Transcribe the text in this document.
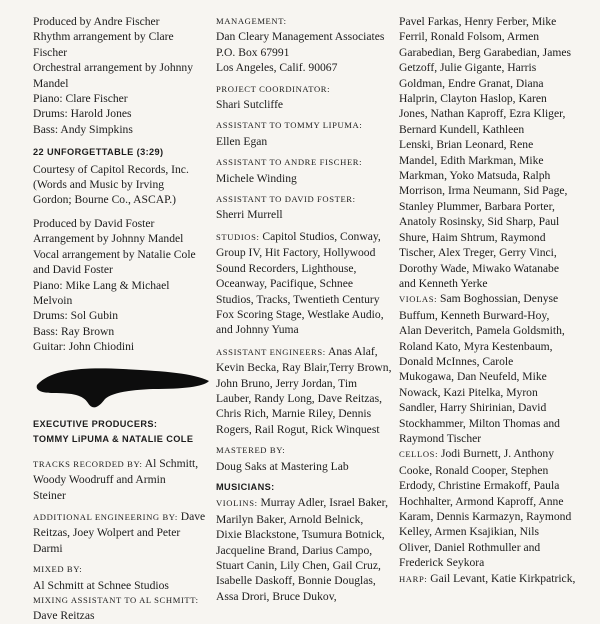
Produced by Andre Fischer

Rhythm arrangement by Clare

Fischer

Orchestral arrangement by Johnny

Mandel

Piano: Clare Fischer

Drums: Harold Jones

Bass: Andy Simpkins

22 UNFORGETTABLE (3:29)

Courtesy of Capitol Records, Inc.

(Words and Music by Irving

Gordon; Bourne Co., ASCAP.)

Produced by David Foster

Arrangement by Johnny Mandel

Vocal arrangement by Natalie Cole

and David Foster

Piano: Mike Lang & Michael

Melvoin

Drums: Sol Gubin

Bass: Ray Brown

Guitar: John Chiodini

EXECUTIVE PRODUCERS:

TOMMY LiPUMA & NATALIE COLE

TRACKS RECORDED BY: Al Schmitt,

Woody Woodruff and Armin

Steiner

ADDITIONAL ENGINEERING BY: Dave

Reitzas, Joey Wolpert and Peter

Darmi

MIXED BY:

Al Schmitt at Schnee Studios

MIXING ASSISTANT TO AL SCHMITT:

Dave Reitzas

MANAGEMENT:

Dan Cleary Management Associates

P.O. Box 67991

Los Angeles, Calif. 90067

PROJECT COORDINATOR:

Shari Sutcliffe

ASSISTANT TO TOMMY LIPUMA:

Ellen Egan

ASSISTANT TO ANDRE FISCHER:

Michele Winding

ASSISTANT TO DAVID FOSTER:

Sherri Murrell

STUDIOS: Capitol Studios, Conway,

Group IV, Hit Factory, Hollywood

Sound Recorders, Lighthouse,

Oceanway, Pacifique, Schnee

Studios, Tracks, Twentieth Century

Fox Scoring Stage, Westlake Audio,

and Johnny Yuma

ASSISTANT ENGINEERS: Anas Alaf,

Kevin Becka, Ray Blair,Terry Brown,

John Bruno, Jerry Jordan, Tim

Lauber, Randy Long, Dave Reitzas,

Chris Rich, Marnie Riley, Dennis

Rogers, Rail Rogut, Rick Winquest

MASTERED BY:

Doug Saks at Mastering Lab

MUSICIANS:

VIOLINS: Murray Adler, Israel Baker,

Marilyn Baker, Arnold Belnick,

Dixie Blackstone, Tsumura Botnick,

Jacqueline Brand, Darius Campo,

Stuart Canin, Lily Chen, Gail Cruz,

Isabelle Daskoff, Bonnie Douglas,

Assa Drori, Bruce Dukov,

Pavel Farkas, Henry Ferber, Mike

Ferril, Ronald Folsom, Armen

Garabedian, Berg Garabedian, James

Getzoff, Julie Gigante, Harris

Goldman, Endre Granat, Diana

Halprin, Clayton Haslop, Karen

Jones, Nathan Kaproff, Ezra Kliger,

Bernard Kundell, Kathleen

Lenski, Brian Leonard, Rene

Mandel, Edith Markman, Mike

Markman, Yoko Matsuda, Ralph

Morrison, Irma Neumann, Sid Page,

Stanley Plummer, Barbara Porter,

Anatoly Rosinsky, Sid Sharp, Paul

Shure, Haim Shtrum, Raymond

Tischer, Alex Treger, Gerry Vinci,

Dorothy Wade, Miwako Watanabe

and Kenneth Yerke

VIOLAS: Sam Boghossian, Denyse

Buffum, Kenneth Burward-Hoy,

Alan Deveritch, Pamela Goldsmith,

Roland Kato, Myra Kestenbaum,

Donald McInnes, Carole

Mukogawa, Dan Neufeld, Mike

Nowack, Kazi Pitelka, Myron

Sandler, Harry Shirinian, David

Stockhammer, Milton Thomas and

Raymond Tischer

CELLOS: Jodi Burnett, J. Anthony

Cooke, Ronald Cooper, Stephen

Erdody, Christine Ermakoff, Paula

Hochhalter, Armond Kaproff, Anne

Karam, Dennis Karmazyn, Raymond

Kelley, Armen Ksajikian, Nils

Oliver, Daniel Rothmuller and

Frederick Seykora

HARP: Gail Levant, Katie Kirkpatrick,
